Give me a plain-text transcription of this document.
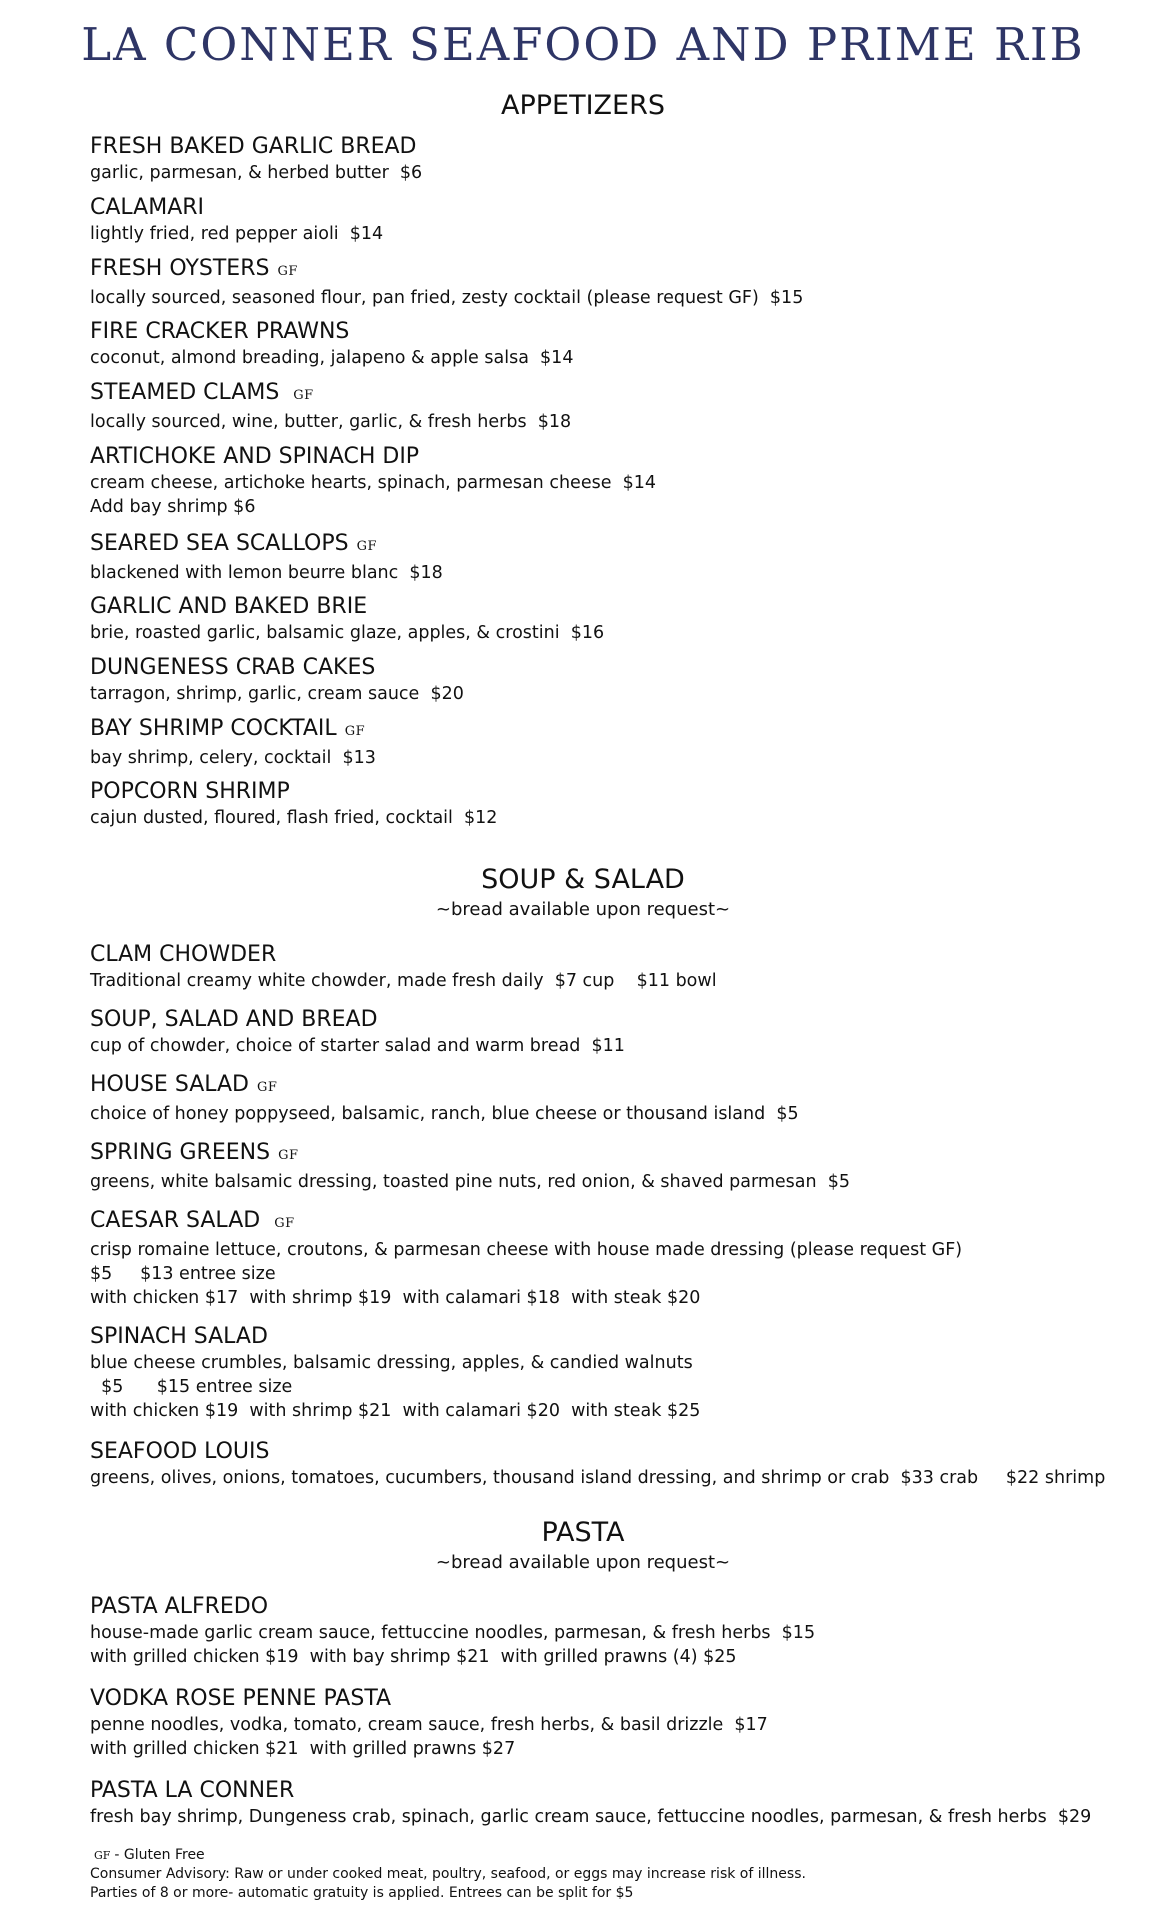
LA CONNER SEAFOOD AND PRIME RIB
APPETIZERS
FRESH BAKED GARLIC BREAD
garlic, parmesan, & herbed butter  $6
CALAMARI
lightly fried, red pepper aioli  $14
FRESH OYSTERS GF
locally sourced, seasoned flour, pan fried, zesty cocktail (please request GF)  $15
FIRE CRACKER PRAWNS
coconut, almond breading, jalapeno & apple salsa  $14
STEAMED CLAMS GF
locally sourced, wine, butter, garlic, & fresh herbs  $18
ARTICHOKE AND SPINACH DIP
cream cheese, artichoke hearts, spinach, parmesan cheese  $14
Add bay shrimp $6
SEARED SEA SCALLOPS GF
blackened with lemon beurre blanc  $18
GARLIC AND BAKED BRIE
brie, roasted garlic, balsamic glaze, apples, & crostini  $16
DUNGENESS CRAB CAKES
tarragon, shrimp, garlic, cream sauce  $20
BAY SHRIMP COCKTAIL GF
bay shrimp, celery, cocktail  $13
POPCORN SHRIMP
cajun dusted, floured, flash fried, cocktail  $12
SOUP & SALAD
~bread available upon request~
CLAM CHOWDER
Traditional creamy white chowder, made fresh daily  $7 cup    $11 bowl
SOUP, SALAD AND BREAD
cup of chowder, choice of starter salad and warm bread  $11
HOUSE SALAD GF
choice of honey poppyseed, balsamic, ranch, blue cheese or thousand island  $5
SPRING GREENS GF
greens, white balsamic dressing, toasted pine nuts, red onion, & shaved parmesan  $5
CAESAR SALAD GF
crisp romaine lettuce, croutons, & parmesan cheese with house made dressing (please request GF)
$5     $13 entree size
with chicken $17  with shrimp $19  with calamari $18  with steak $20
SPINACH SALAD
blue cheese crumbles, balsamic dressing, apples, & candied walnuts
$5      $15 entree size
with chicken $19  with shrimp $21  with calamari $20  with steak $25
SEAFOOD LOUIS
greens, olives, onions, tomatoes, cucumbers, thousand island dressing, and shrimp or crab  $33 crab     $22 shrimp
PASTA
~bread available upon request~
PASTA ALFREDO
house-made garlic cream sauce, fettuccine noodles, parmesan, & fresh herbs  $15
with grilled chicken $19  with bay shrimp $21  with grilled prawns (4) $25
VODKA ROSE PENNE PASTA
penne noodles, vodka, tomato, cream sauce, fresh herbs, & basil drizzle  $17
with grilled chicken $21  with grilled prawns $27
PASTA LA CONNER
fresh bay shrimp, Dungeness crab, spinach, garlic cream sauce, fettuccine noodles, parmesan, & fresh herbs  $29
GF - Gluten Free
Consumer Advisory: Raw or under cooked meat, poultry, seafood, or eggs may increase risk of illness.
Parties of 8 or more- automatic gratuity is applied. Entrees can be split for $5
